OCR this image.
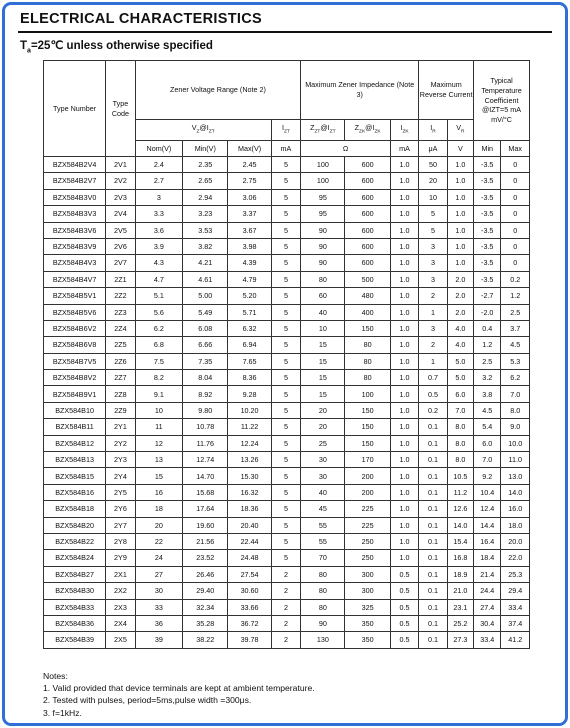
ELECTRICAL CHARACTERISTICS
$T_a=25℃$ unless otherwise specified
Type Number	Type Code	Zener Voltage Range (Note 2)				Maximum Zener Impedance (Note 3)			Maximum Reverse Current		Typical
Temperature
Coefficient
@IZT=5 mA
mV/°C	

		$V_Z@I_{ZT}$			$I_{ZT}$	$Z_{ZT}@I_{ZT}$	$Z_{ZK}@I_{ZK}$	$I_{ZK}$	$I_R$	$V_R$
		Nom(V)	Min(V)	Max(V)	mA	Ω		mA	μA	V	Min	Max
BZX584B2V4	2V1	2.4	2.35	2.45	5	100	600	1.0	50	1.0	-3.5	0
BZX584B2V7	2V2	2.7	2.65	2.75	5	100	600	1.0	20	1.0	-3.5	0
BZX584B3V0	2V3	3	2.94	3.06	5	95	600	1.0	10	1.0	-3.5	0
BZX584B3V3	2V4	3.3	3.23	3.37	5	95	600	1.0	5	1.0	-3.5	0
BZX584B3V6	2V5	3.6	3.53	3.67	5	90	600	1.0	5	1.0	-3.5	0
BZX584B3V9	2V6	3.9	3.82	3.98	5	90	600	1.0	3	1.0	-3.5	0
BZX584B4V3	2V7	4.3	4.21	4.39	5	90	600	1.0	3	1.0	-3.5	0
BZX584B4V7	2Z1	4.7	4.61	4.79	5	80	500	1.0	3	2.0	-3.5	0.2
BZX584B5V1	2Z2	5.1	5.00	5.20	5	60	480	1.0	2	2.0	-2.7	1.2
BZX584B5V6	2Z3	5.6	5.49	5.71	5	40	400	1.0	1	2.0	-2.0	2.5
BZX584B6V2	2Z4	6.2	6.08	6.32	5	10	150	1.0	3	4.0	0.4	3.7
BZX584B6V8	2Z5	6.8	6.66	6.94	5	15	80	1.0	2	4.0	1.2	4.5
BZX584B7V5	2Z6	7.5	7.35	7.65	5	15	80	1.0	1	5.0	2.5	5.3
BZX584B8V2	2Z7	8.2	8.04	8.36	5	15	80	1.0	0.7	5.0	3.2	6.2
BZX584B9V1	2Z8	9.1	8.92	9.28	5	15	100	1.0	0.5	6.0	3.8	7.0
BZX584B10	2Z9	10	9.80	10.20	5	20	150	1.0	0.2	7.0	4.5	8.0
BZX584B11	2Y1	11	10.78	11.22	5	20	150	1.0	0.1	8.0	5.4	9.0
BZX584B12	2Y2	12	11.76	12.24	5	25	150	1.0	0.1	8.0	6.0	10.0
BZX584B13	2Y3	13	12.74	13.26	5	30	170	1.0	0.1	8.0	7.0	11.0
BZX584B15	2Y4	15	14.70	15.30	5	30	200	1.0	0.1	10.5	9.2	13.0
BZX584B16	2Y5	16	15.68	16.32	5	40	200	1.0	0.1	11.2	10.4	14.0
BZX584B18	2Y6	18	17.64	18.36	5	45	225	1.0	0.1	12.6	12.4	16.0
BZX584B20	2Y7	20	19.60	20.40	5	55	225	1.0	0.1	14.0	14.4	18.0
BZX584B22	2Y8	22	21.56	22.44	5	55	250	1.0	0.1	15.4	16.4	20.0
BZX584B24	2Y9	24	23.52	24.48	5	70	250	1.0	0.1	16.8	18.4	22.0
BZX584B27	2X1	27	26.46	27.54	2	80	300	0.5	0.1	18.9	21.4	25.3
BZX584B30	2X2	30	29.40	30.60	2	80	300	0.5	0.1	21.0	24.4	29.4
BZX584B33	2X3	33	32.34	33.66	2	80	325	0.5	0.1	23.1	27.4	33.4
BZX584B36	2X4	36	35.28	36.72	2	90	350	0.5	0.1	25.2	30.4	37.4
BZX584B39	2X5	39	38.22	39.78	2	130	350	0.5	0.1	27.3	33.4	41.2
Notes:
1. Valid provided that device terminals are kept at ambient temperature.
2. Tested with pulses, period=5ms,pulse width =300μs.
3. f=1kHz.
